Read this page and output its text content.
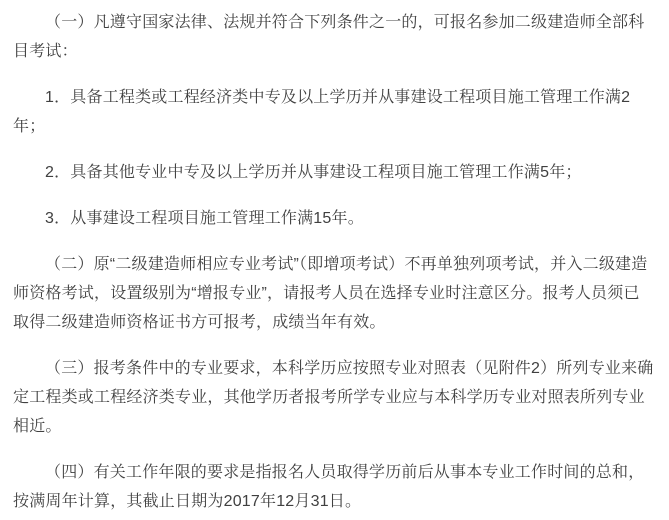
（一）凡遵守国家法律、法规并符合下列条件之一的，可报名参加二级建造师全部科目考试：

1．具备工程类或工程经济类中专及以上学历并从事建设工程项目施工管理工作满2年；

2．具备其他专业中专及以上学历并从事建设工程项目施工管理工作满5年；

3．从事建设工程项目施工管理工作满15年。

（二）原“二级建造师相应专业考试”（即增项考试）不再单独列项考试，并入二级建造师资格考试，设置级别为“增报专业”，请报考人员在选择专业时注意区分。报考人员须已取得二级建造师资格证书方可报考，成绩当年有效。

（三）报考条件中的专业要求，本科学历应按照专业对照表（见附件2）所列专业来确定工程类或工程经济类专业，其他学历者报考所学专业应与本科学历专业对照表所列专业相近。

（四）有关工作年限的要求是指报名人员取得学历前后从事本专业工作时间的总和，按满周年计算，其截止日期为2017年12月31日。
